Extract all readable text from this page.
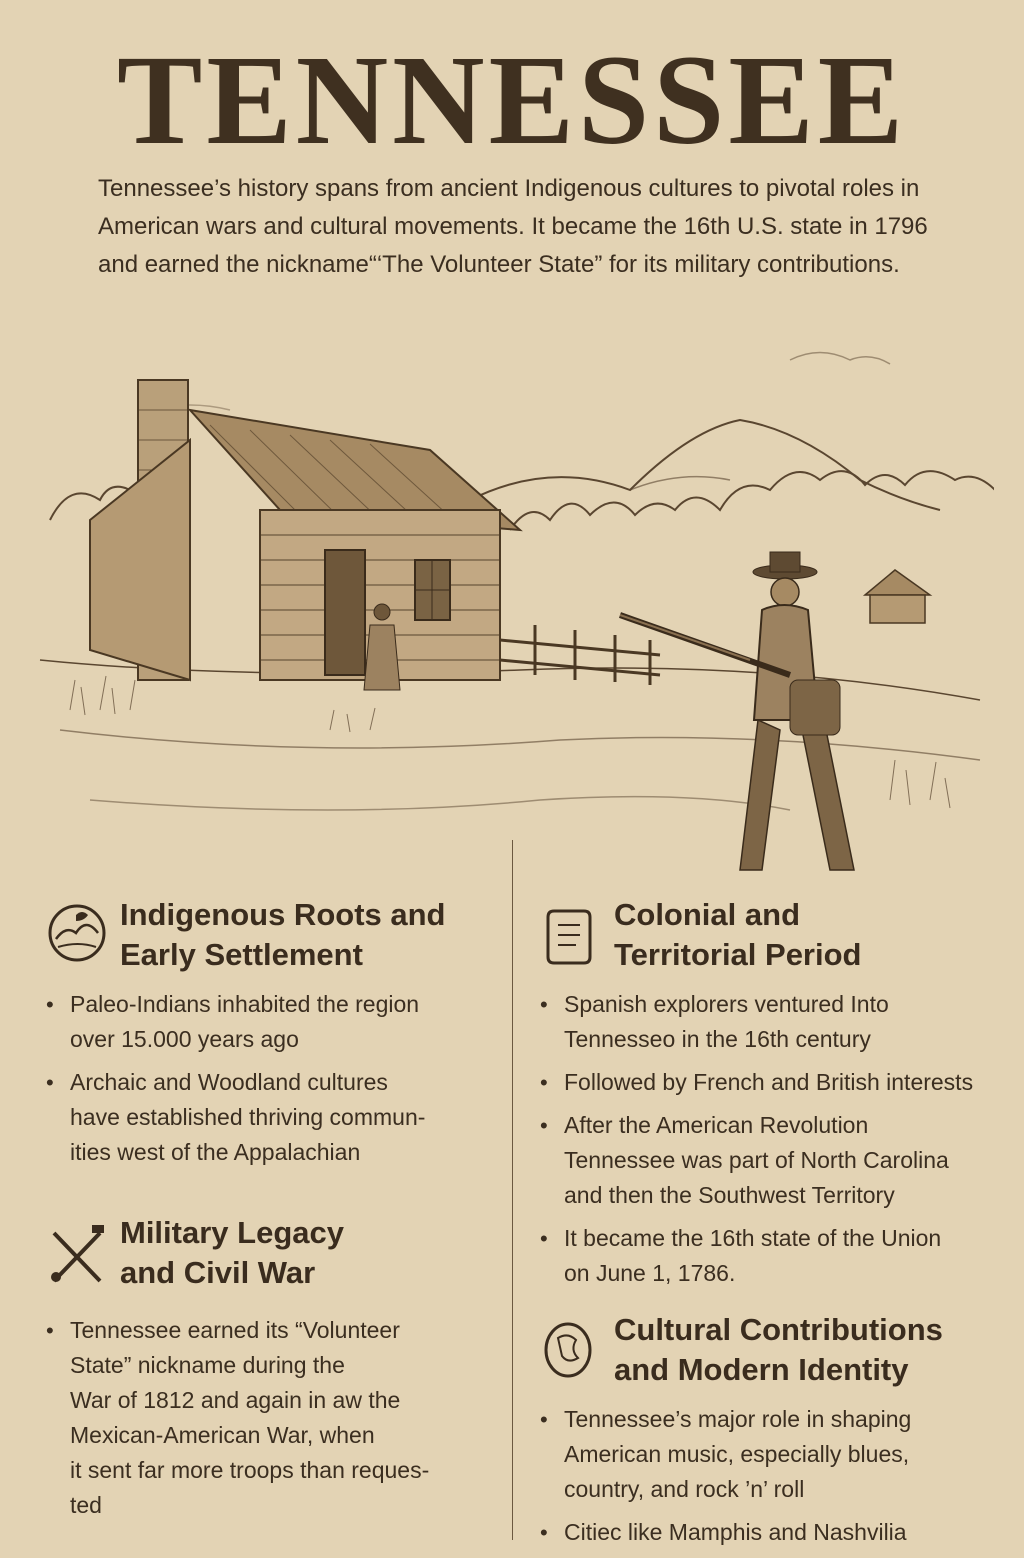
TENNESSEE

Tennessee’s history spans from ancient Indigenous cultures to pivotal roles in American wars and cultural movements. It became the 16th U.S. state in 1796 and earned the nickname“‘The Volunteer State” for its military contributions.

Indigenous Roots and
Early Settlement
• Paleo-Indians inhabited the region
over 15.000 years ago
• Archaic and Woodland cultures
have established thriving commun-
ities west of the Appalachian
Military Legacy
and Civil War
• Tennessee earned its “Volunteer
State” nickname during the
War of 1812 and again in aw the
Mexican-American War, when
it sent far more troops than reques-
ted
Colonial and
Territorial Period
• Spanish explorers ventured Into
Tennesseo in the 16th century
• Followed by French and British interests
• After the American Revolution
Tennessee was part of North Carolina
and then the Southwest Territory
• It became the 16th state of the Union
on June 1, 1786.
Cultural Contributions
and Modern Identity
• Tennessee’s major role in shaping
American music, especially blues,
country, and rock ’n’ roll
• Citiec like Mamphis and Nashvilia
